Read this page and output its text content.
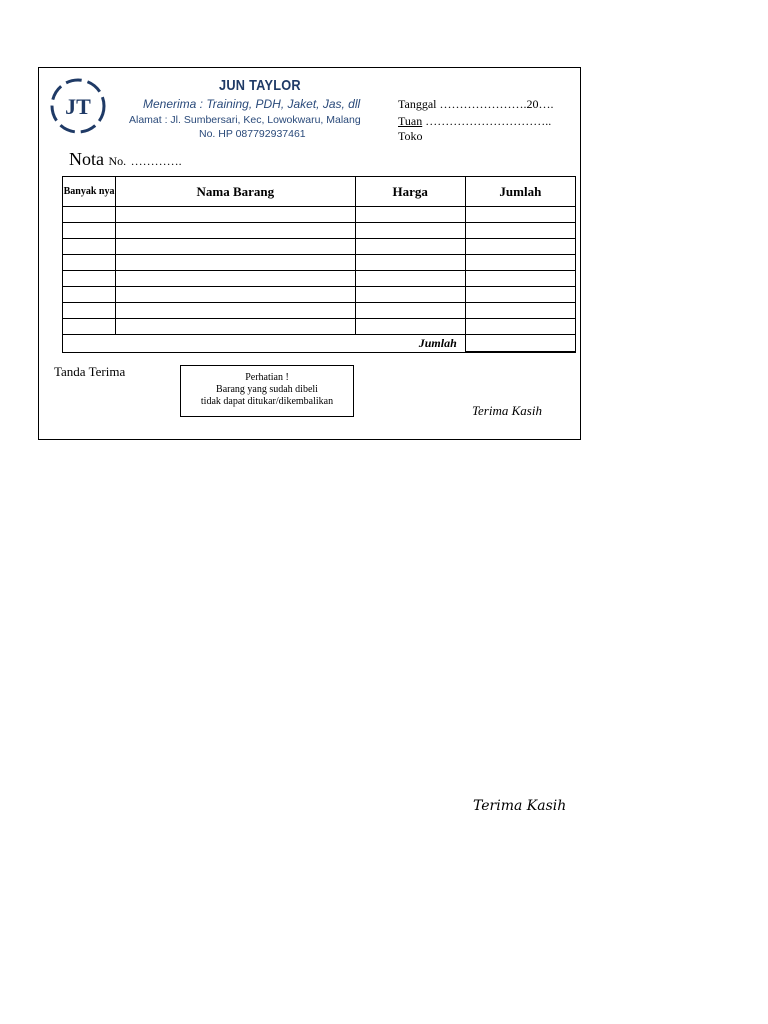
JT
JUN TAYLOR
Menerima : Training, PDH, Jaket, Jas, dll
Alamat : Jl. Sumbersari, Kec, Lowokwaru, Malang
No. HP 087792937461
Tanggal ………………….20….
Tuan …………………………..
Toko
Nota No. ………….
Banyak nya	Nama Barang	Harga	Jumlah

Jumlah			
Tanda Terima	Perhatian !
Barang yang sudah dibeli
tidak dapat ditukar/dikembalikan
Terima Kasih
Terima Kasih
